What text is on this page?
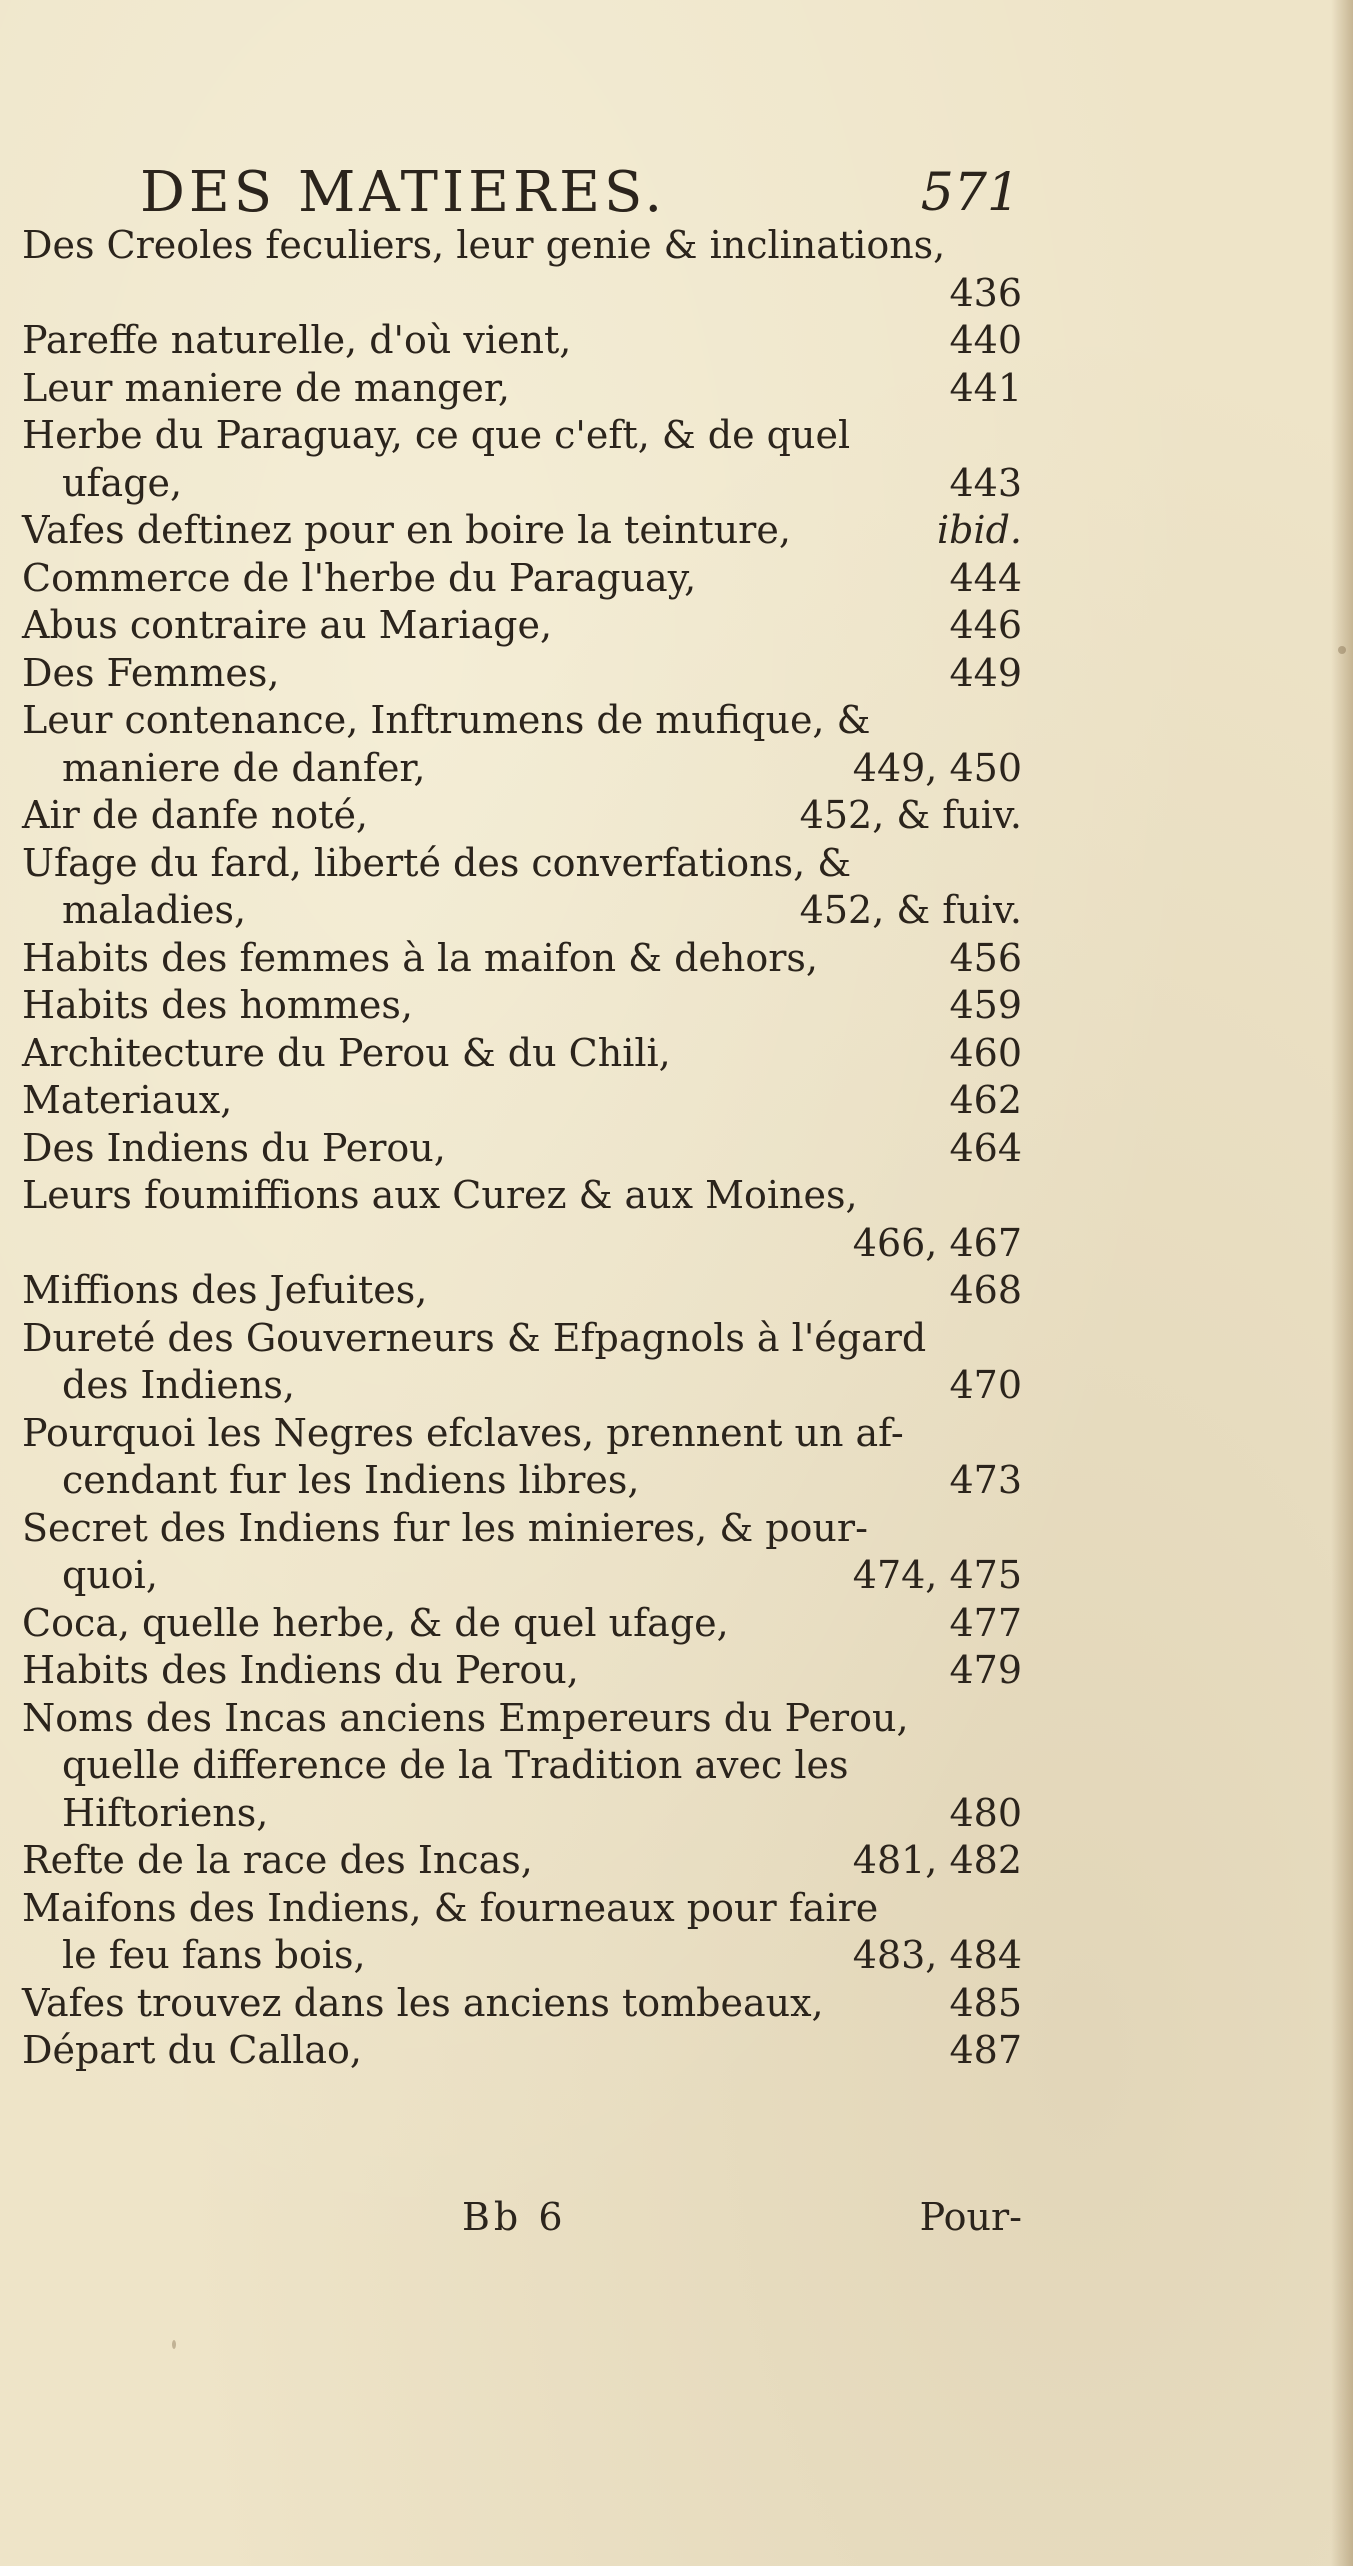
DES MATIERES.	571
Des Creoles feculiers, leur genie & inclinations,
436
Pareffe naturelle, d'où vient,	440
Leur maniere de manger,	441
Herbe du Paraguay, ce que c'eft, & de quel
ufage,	443
Vafes deftinez pour en boire la teinture,	ibid.
Commerce de l'herbe du Paraguay,	444
Abus contraire au Mariage,	446
Des Femmes,	449
Leur contenance, Inftrumens de mufique, &
maniere de danfer,	449, 450
Air de danfe noté,	452, & fuiv.
Ufage du fard, liberté des converfations, &
maladies,	452, & fuiv.
Habits des femmes à la maifon & dehors,	456
Habits des hommes,	459
Architecture du Perou & du Chili,	460
Materiaux,	462
Des Indiens du Perou,	464
Leurs foumiffions aux Curez & aux Moines,
466, 467
Miffions des Jefuites,	468
Dureté des Gouverneurs & Efpagnols à l'égard
des Indiens,	470
Pourquoi les Negres efclaves, prennent un af-
cendant fur les Indiens libres,	473
Secret des Indiens fur les minieres, & pour-
quoi,	474, 475
Coca, quelle herbe, & de quel ufage,	477
Habits des Indiens du Perou,	479
Noms des Incas anciens Empereurs du Perou,
quelle difference de la Tradition avec les
Hiftoriens,	480
Refte de la race des Incas,	481, 482
Maifons des Indiens, & fourneaux pour faire
le feu fans bois,	483, 484
Vafes trouvez dans les anciens tombeaux,	485
Départ du Callao,	487
Bb 6	Pour-
